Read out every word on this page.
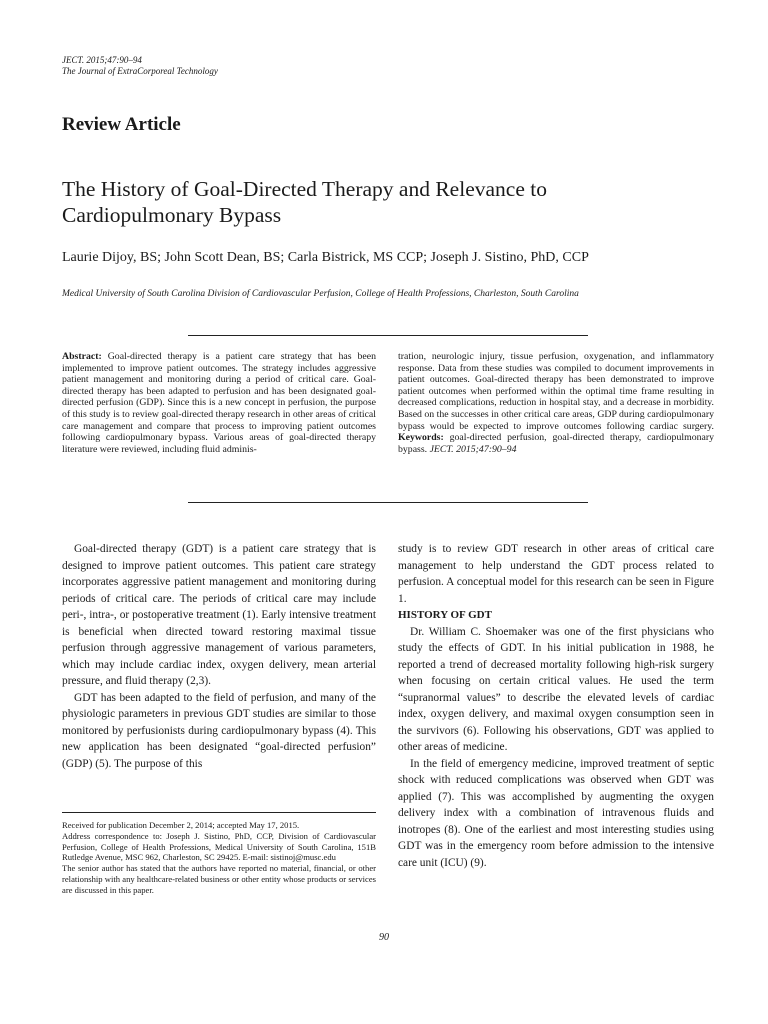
JECT. 2015;47:90–94
The Journal of ExtraCorporeal Technology
Review Article
The History of Goal-Directed Therapy and Relevance to Cardiopulmonary Bypass
Laurie Dijoy, BS; John Scott Dean, BS; Carla Bistrick, MS CCP; Joseph J. Sistino, PhD, CCP
Medical University of South Carolina Division of Cardiovascular Perfusion, College of Health Professions, Charleston, South Carolina
Abstract: Goal-directed therapy is a patient care strategy that has been implemented to improve patient outcomes. The strategy includes aggressive patient management and monitoring during a period of critical care. Goal-directed therapy has been adapted to perfusion and has been designated goal-directed perfusion (GDP). Since this is a new concept in perfusion, the purpose of this study is to review goal-directed therapy research in other areas of critical care management and compare that process to improving patient outcomes following cardiopulmonary bypass. Various areas of goal-directed therapy literature were reviewed, including fluid adminis-
tration, neurologic injury, tissue perfusion, oxygenation, and inflammatory response. Data from these studies was compiled to document improvements in patient outcomes. Goal-directed therapy has been demonstrated to improve patient outcomes when performed within the optimal time frame resulting in decreased complications, reduction in hospital stay, and a decrease in morbidity. Based on the successes in other critical care areas, GDP during cardiopulmonary bypass would be expected to improve outcomes following cardiac surgery. Keywords: goal-directed perfusion, goal-directed therapy, cardiopulmonary bypass. JECT. 2015;47:90–94

Goal-directed therapy (GDT) is a patient care strategy that is designed to improve patient outcomes. This patient care strategy incorporates aggressive patient management and monitoring during periods of critical care. The periods of critical care may include peri-, intra-, or postoperative treatment (1). Early intensive treatment is beneficial when directed toward restoring maximal tissue perfusion through aggressive management of various parameters, which may include cardiac index, oxygen delivery, mean arterial pressure, and fluid therapy (2,3).

GDT has been adapted to the field of perfusion, and many of the physiologic parameters in previous GDT studies are similar to those monitored by perfusionists during cardiopulmonary bypass (4). This new application has been designated “goal-directed perfusion” (GDP) (5). The purpose of this

study is to review GDT research in other areas of critical care management to help understand the GDT process related to perfusion. A conceptual model for this research can be seen in Figure 1.

HISTORY OF GDT

Dr. William C. Shoemaker was one of the first physicians who study the effects of GDT. In his initial publication in 1988, he reported a trend of decreased mortality following high-risk surgery when focusing on certain critical values. He used the term “supranormal values” to describe the elevated levels of cardiac index, oxygen delivery, and maximal oxygen consumption seen in the survivors (6). Following his observations, GDT was applied to other areas of medicine.

In the field of emergency medicine, improved treatment of septic shock with reduced complications was observed when GDT was applied (7). This was accomplished by augmenting the oxygen delivery index with a combination of intravenous fluids and inotropes (8). One of the earliest and most interesting studies using GDT was in the emergency room before admission to the intensive care unit (ICU) (9).

Received for publication December 2, 2014; accepted May 17, 2015.

Address correspondence to: Joseph J. Sistino, PhD, CCP, Division of Cardiovascular Perfusion, College of Health Professions, Medical University of South Carolina, 151B Rutledge Avenue, MSC 962, Charleston, SC 29425. E-mail: sistinoj@musc.edu

The senior author has stated that the authors have reported no material, financial, or other relationship with any healthcare-related business or other entity whose products or services are discussed in this paper.

90
